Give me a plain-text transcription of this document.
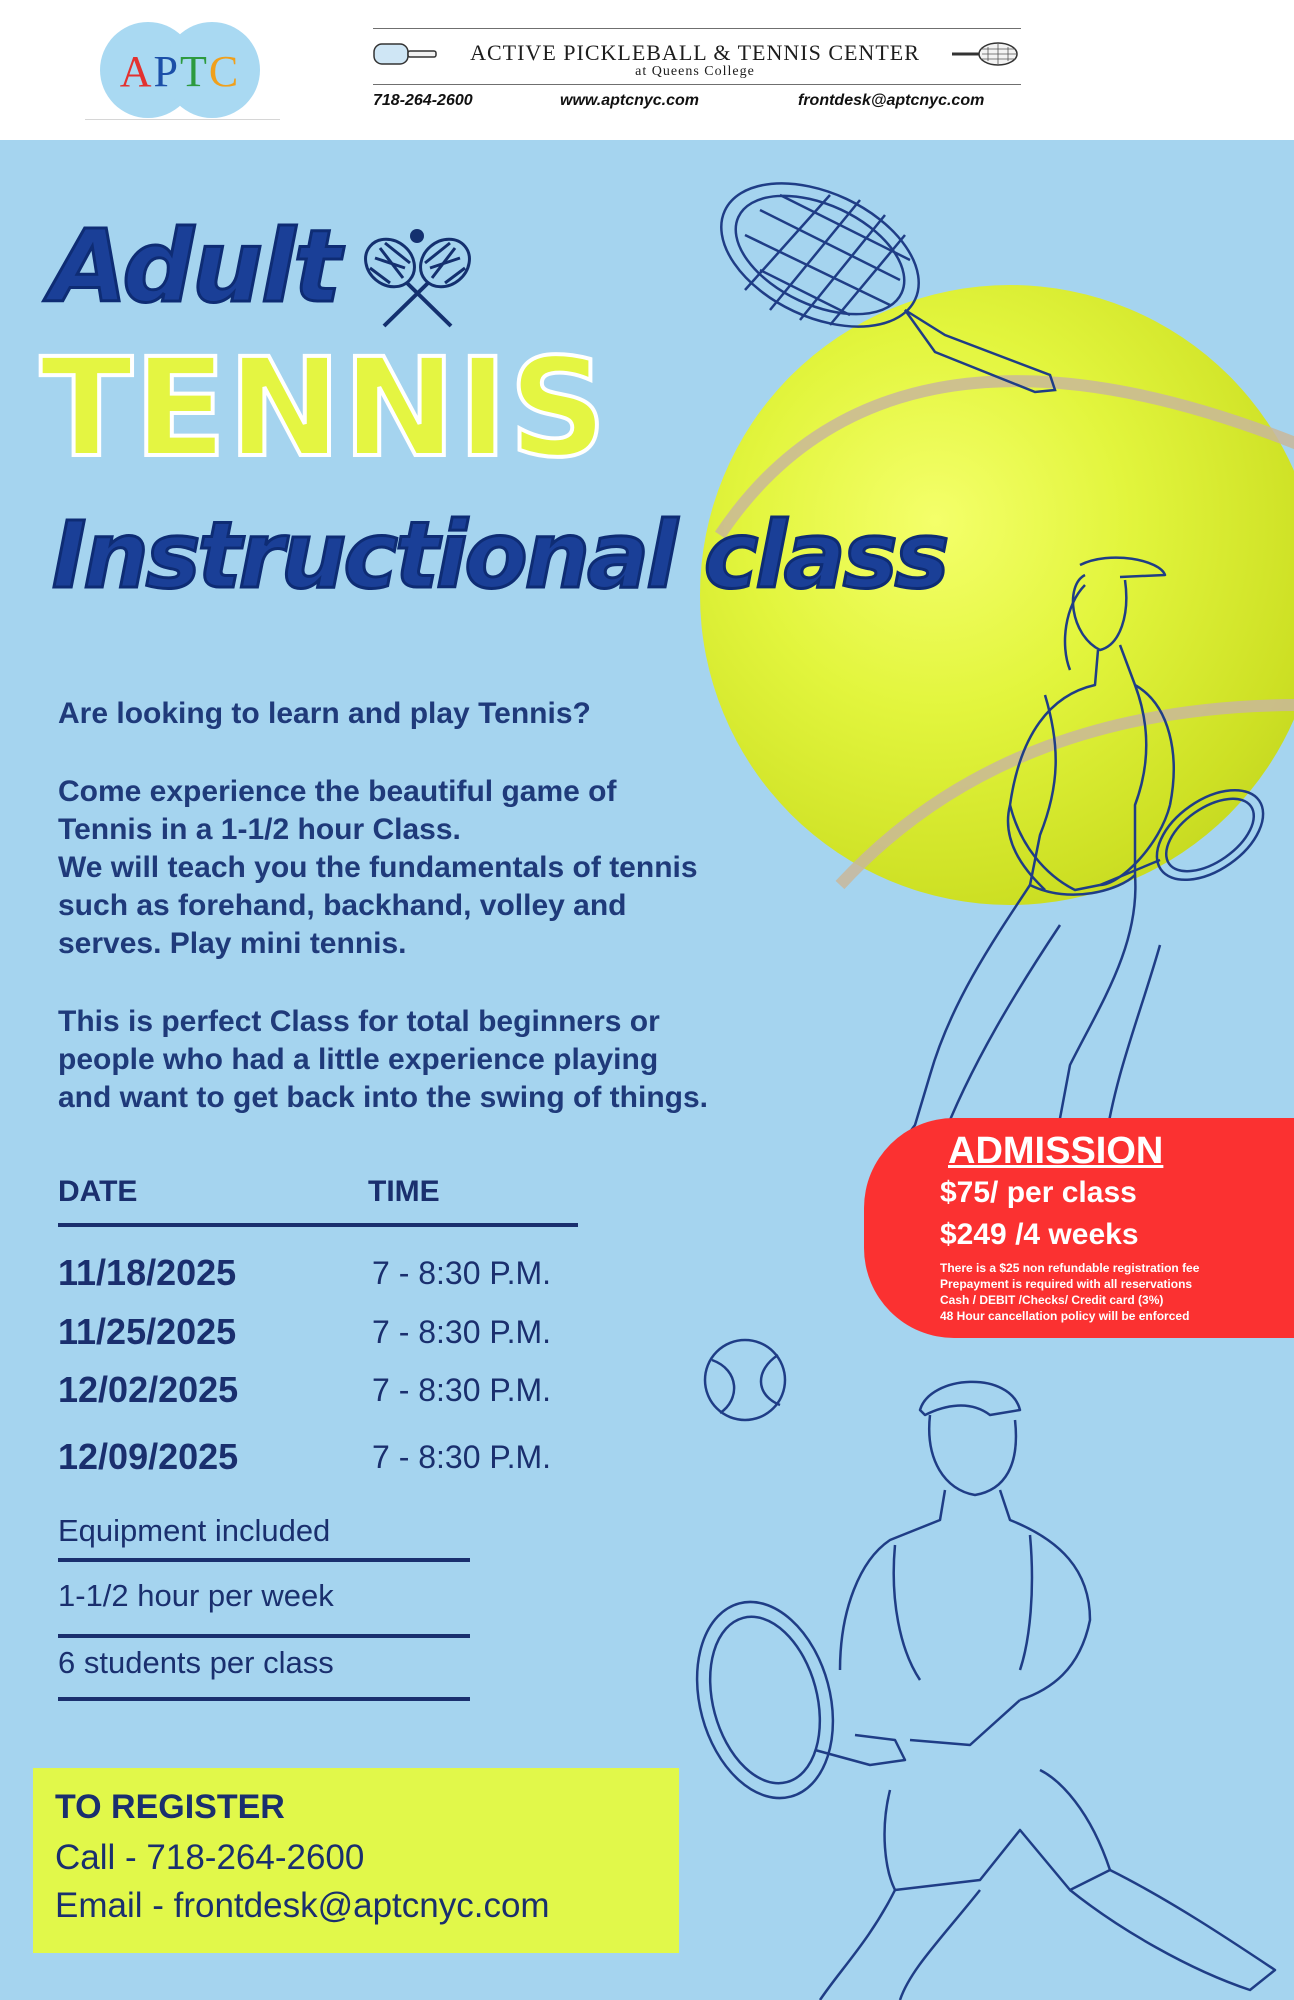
APTC	ACTIVE PICKLEBALL & TENNIS CENTER
at Queens College
718-264-2600	www.aptcnyc.com	frontdesk@aptcnyc.com
Adult
TENNIS
Instructional class
Are looking to learn and play Tennis?
Come experience the beautiful game of
Tennis in a 1-1/2 hour Class.
We will teach you the fundamentals of tennis
such as forehand, backhand, volley and
serves. Play mini tennis.
This is perfect Class for total beginners or
people who had a little experience playing
and want to get back into the swing of things.
DATE	TIME
11/18/2025	7 - 8:30 P.M.
11/25/2025	7 - 8:30 P.M.
12/02/2025	7 - 8:30 P.M.
12/09/2025	7 - 8:30 P.M.
Equipment included
1-1/2 hour per week
6 students per class
ADMISSION
$75/ per class
$249 /4 weeks
There is a $25 non refundable registration fee
Prepayment is required with all reservations
Cash / DEBIT /Checks/ Credit card (3%)
48 Hour cancellation policy will be enforced
TO REGISTER
Call - 718-264-2600
Email - frontdesk@aptcnyc.com
